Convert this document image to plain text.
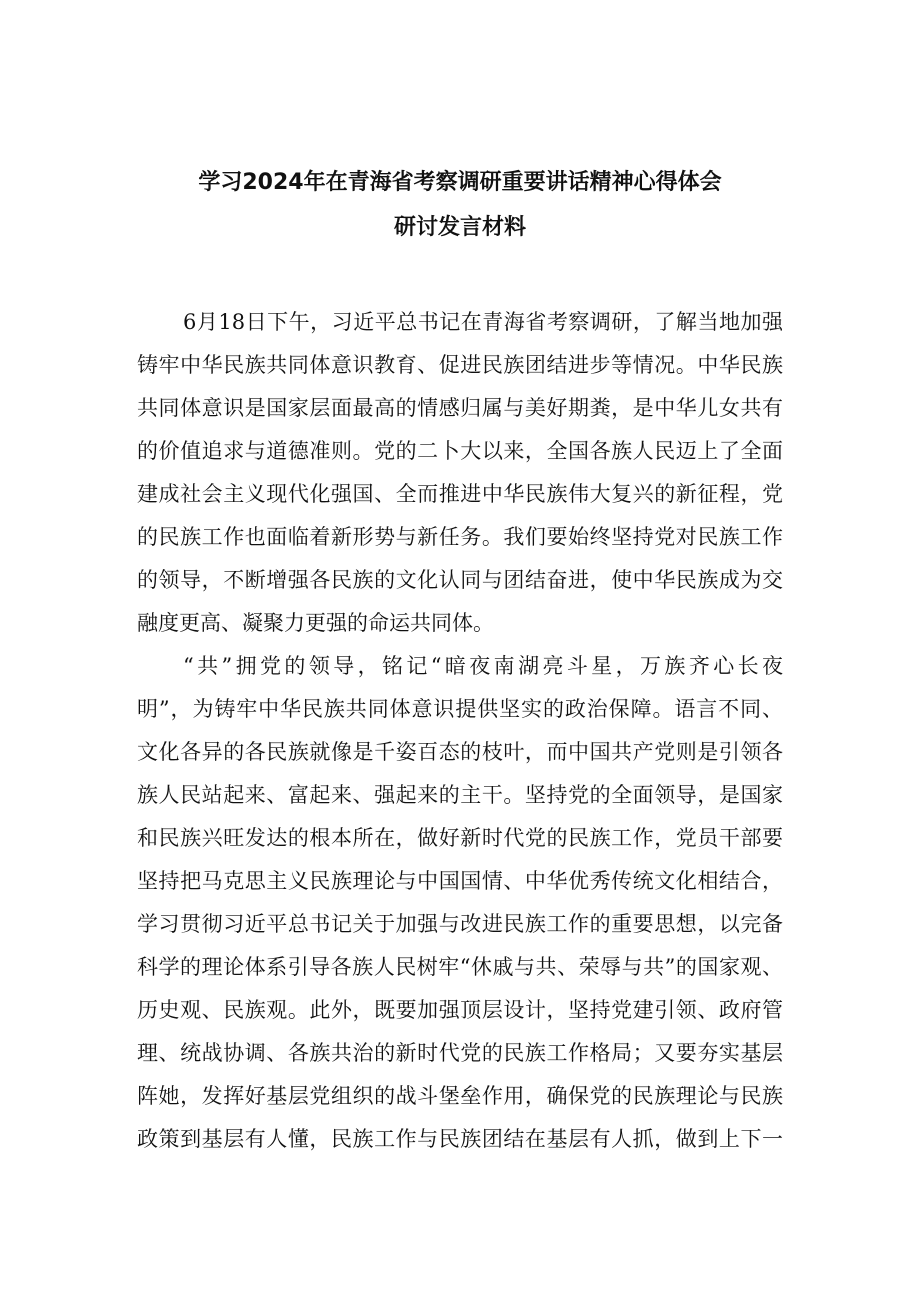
学习2024年在青海省考察调研重要讲话精神心得体会
研讨发言材料
6月18日下午，习近平总书记在青海省考察调研，了解当地加强
铸牢中华民族共同体意识教育、促进民族团结进步等情况。中华民族
共同体意识是国家层面最高的情感归属与美好期粪，是中华儿女共有
的价值追求与道德准则。党的二卜大以来，全国各族人民迈上了全面
建成社会主义现代化强国、全而推进中华民族伟大复兴的新征程，党
的民族工作也面临着新形势与新任务。我们要始终坚持党对民族工作
的领导，不断增强各民族的文化认同与团结奋进，使中华民族成为交
融度更高、凝聚力更强的命运共同体。
“共”拥党的领导，铭记“暗夜南湖亮斗星，万族齐心长夜
明”，为铸牢中华民族共同体意识提供坚实的政治保障。语言不同、
文化各异的各民族就像是千姿百态的枝叶，而中国共产党则是引领各
族人民站起来、富起来、强起来的主干。坚持党的全面领导，是国家
和民族兴旺发达的根本所在，做好新时代党的民族工作，党员干部要
坚持把马克思主义民族理论与中国国情、中华优秀传统文化相结合，
学习贯彻习近平总书记关于加强与改进民族工作的重要思想，以完备
科学的理论体系引导各族人民树牢“休戚与共、荣辱与共”的国家观、
历史观、民族观。此外，既要加强顶层设计，坚持党建引领、政府管
理、统战协调、各族共治的新时代党的民族工作格局；又要夯实基层
阵她，发挥好基层党组织的战斗堡垒作用，确保党的民族理论与民族
政策到基层有人懂，民族工作与民族团结在基层有人抓，做到上下一
